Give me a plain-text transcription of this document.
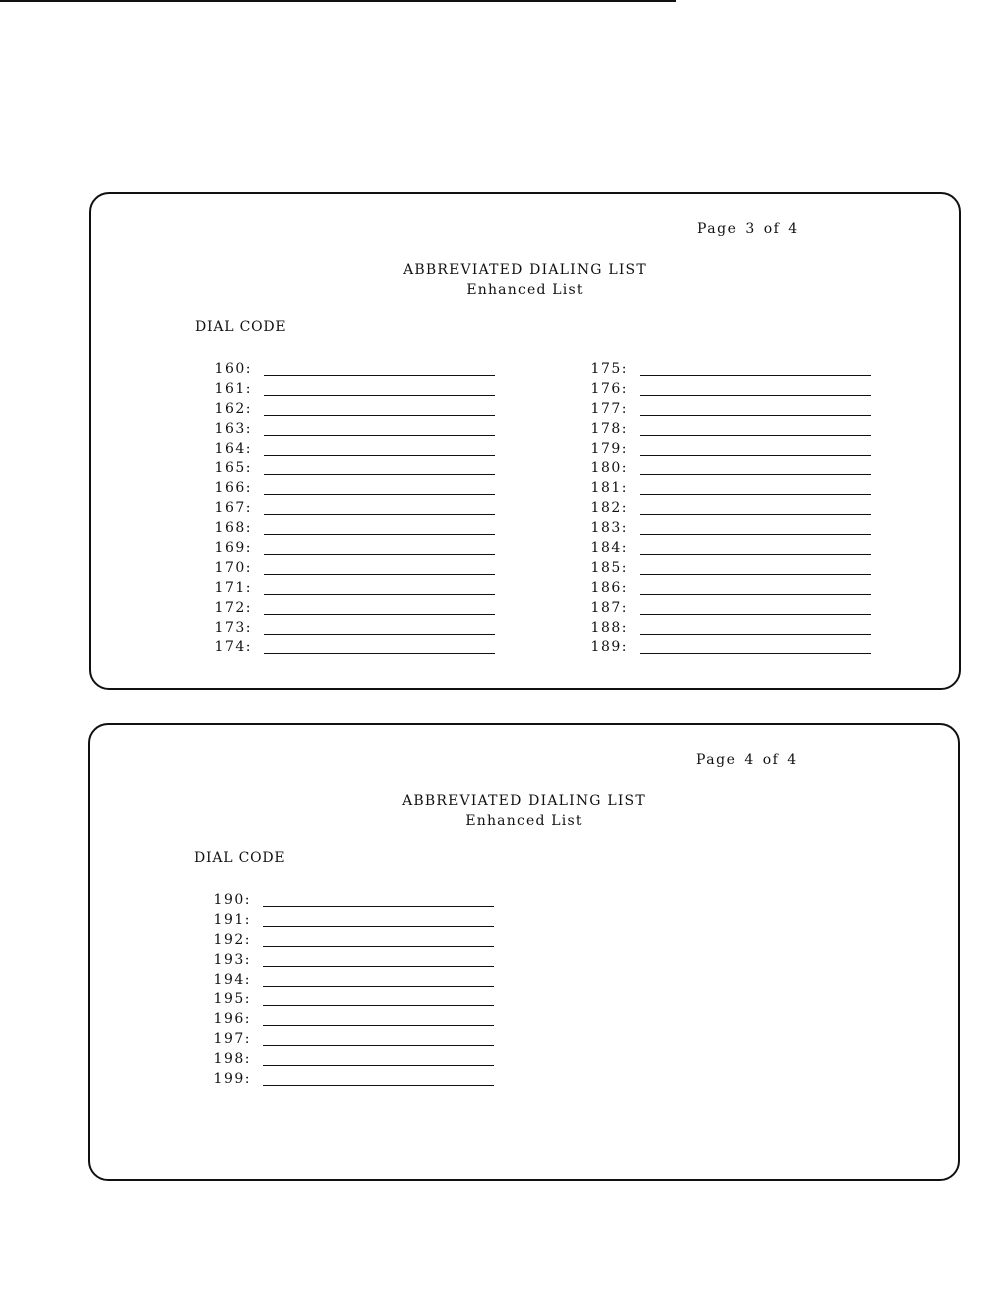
Page 3 of 4
ABBREVIATED DIALING LIST
Enhanced List
DIAL CODE
160:
161:
162:
163:
164:
165:
166:
167:
168:
169:
170:
171:
172:
173:
174:
175:
176:
177:
178:
179:
180:
181:
182:
183:
184:
185:
186:
187:
188:
189:
Page 4 of 4
ABBREVIATED DIALING LIST
Enhanced List
DIAL CODE
190:
191:
192:
193:
194:
195:
196:
197:
198:
199:
